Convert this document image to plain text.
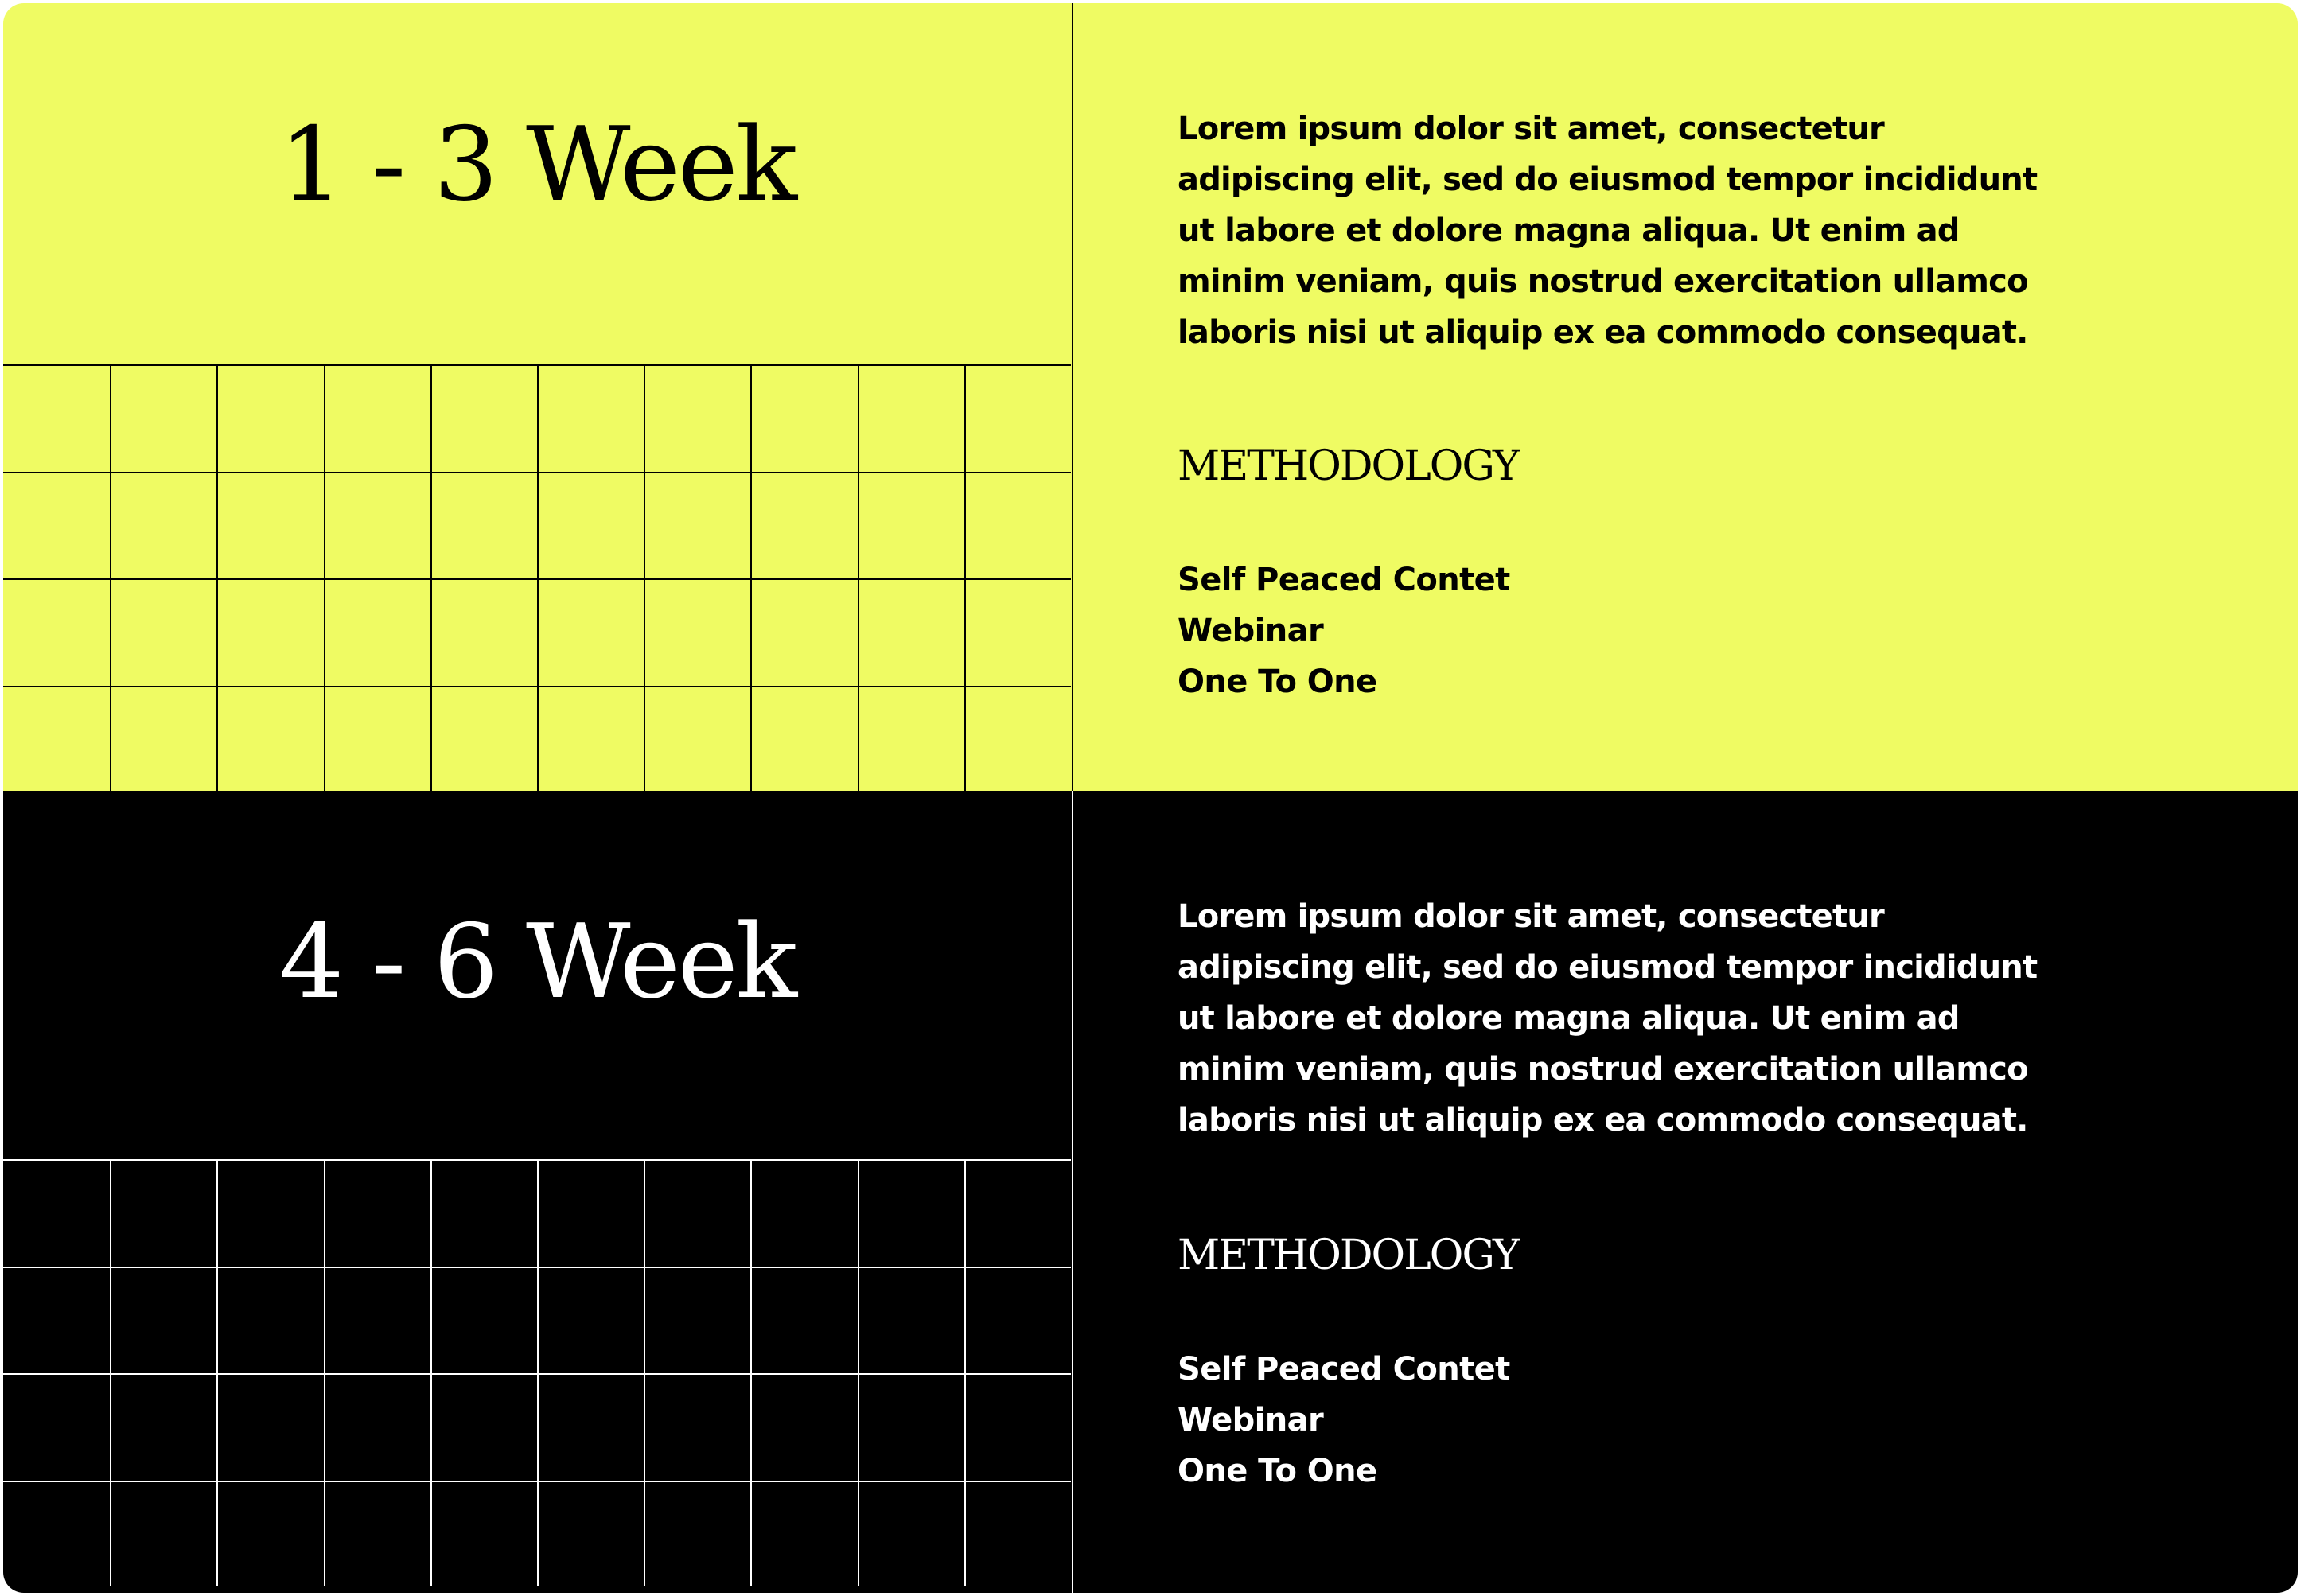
1 - 3 Week	Lorem ipsum dolor sit amet, consectetur adipiscing elit, sed do eiusmod tempor incididunt ut labore et dolore magna aliqua. Ut enim ad minim veniam, quis nostrud exercitation ullamco laboris nisi ut aliquip ex ea commodo consequat.

METHODOLOGY
Self Peaced Contet
Webinar
One To One
4 - 6 Week	Lorem ipsum dolor sit amet, consectetur adipiscing elit, sed do eiusmod tempor incididunt ut labore et dolore magna aliqua. Ut enim ad minim veniam, quis nostrud exercitation ullamco laboris nisi ut aliquip ex ea commodo consequat.

METHODOLOGY
Self Peaced Contet
Webinar
One To One
